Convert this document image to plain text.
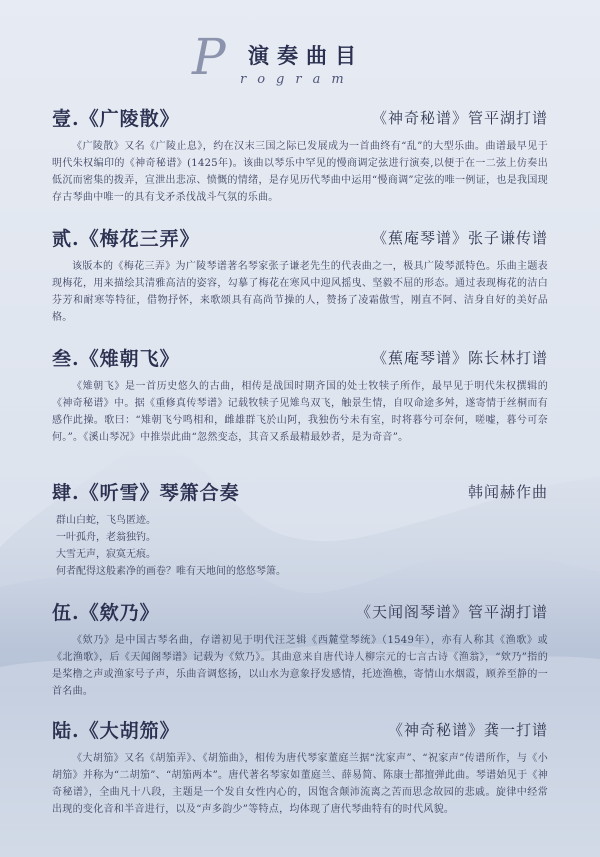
P 演奏曲目
rogram
壹.《广陵散》	《神奇秘谱》管平湖打谱
《广陵散》又名《广陵止息》，约在汉末三国之际已发展成为一首曲终有“乱”的大型乐曲。曲谱最早见于明代朱权编印的《神奇秘谱》(1425年)。该曲以琴乐中罕见的慢商调定弦进行演奏,以便于在一二弦上仿奏出低沉而密集的拨弄，宣泄出悲凉、愤慨的情绪，是存见历代琴曲中运用“慢商调”定弦的唯一例证，也是我国现存古琴曲中唯一的具有戈矛杀伐战斗气氛的乐曲。
贰.《梅花三弄》	《蕉庵琴谱》张子谦传谱
该版本的《梅花三弄》为广陵琴谱著名琴家张子谦老先生的代表曲之一，极具广陵琴派特色。乐曲主题表现梅花，用来描绘其清雅高洁的姿容，勾摹了梅花在寒风中迎风摇曳、坚毅不屈的形态。通过表现梅花的洁白芬芳和耐寒等特征，借物抒怀，来歌颂具有高尚节操的人，赞扬了凌霜傲雪，刚直不阿、洁身自好的美好品格。
叁.《雉朝飞》	《蕉庵琴谱》陈长林打谱
《雉朝飞》是一首历史悠久的古曲，相传是战国时期齐国的处士牧犊子所作，最早见于明代朱权撰辑的《神奇秘谱》中。据《重修真传琴谱》记载牧犊子见雉鸟双飞，触景生情，自叹命途多舛，遂寄情于丝桐而有感作此操。歌曰：“雉朝飞兮鸣相和，雌雄群飞於山阿，我独伤兮未有室，时将暮兮可奈何，嗟嘘，暮兮可奈何。”。《溪山琴况》中推崇此曲“忽然变态，其音又系最精最妙者，是为奇音”。
肆.《听雪》琴箫合奏	韩闻赫作曲
群山白蛇，飞鸟匿迹。
一叶孤舟，老翁独钓。
大雪无声，寂寞无痕。
何者配得这般素净的画卷？唯有天地间的悠悠琴箫。
伍.《欸乃》	《天闻阁琴谱》管平湖打谱
《欸乃》是中国古琴名曲，存谱初见于明代汪芝辑《西麓堂琴统》（1549年），亦有人称其《渔歌》或《北渔歌》，后《天闻阁琴谱》记载为《欸乃》。其曲意来自唐代诗人柳宗元的七言古诗《渔翁》，“欸乃”指的是桨橹之声或渔家号子声，乐曲音调悠扬，以山水为意象抒发感情，托迹渔樵，寄情山水烟霞，顾养至静的一首名曲。
陆.《大胡笳》	《神奇秘谱》龚一打谱
《大胡笳》又名《胡笳弄》、《胡笳曲》，相传为唐代琴家董庭兰据“沈家声”、“祝家声”传谱所作，与《小胡笳》并称为“二胡笳”、“胡笳两本”。唐代著名琴家如董庭兰、薛易简、陈康士都擅弹此曲。琴谱始见于《神奇秘谱》，全曲凡十八段，主题是一个发自女性内心的，因饱含颠沛流离之苦而思念故园的悲戚。旋律中经常出现的变化音和半音进行，以及“声多韵少”等特点，均体现了唐代琴曲特有的时代风貌。
